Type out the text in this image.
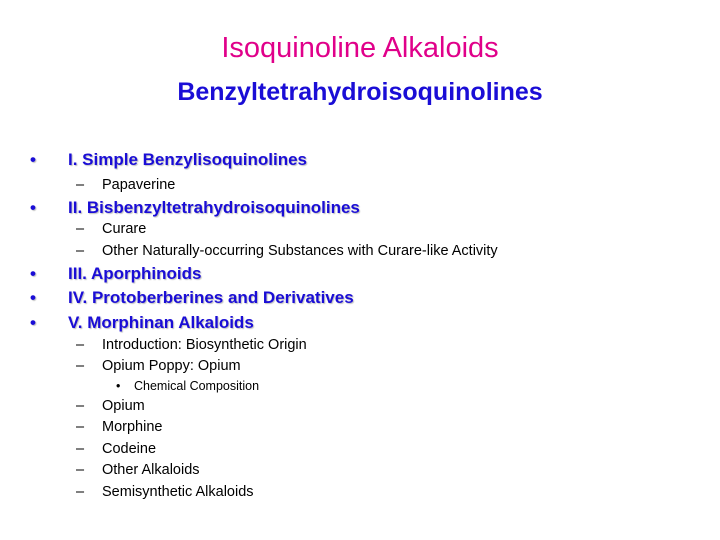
Isoquinoline Alkaloids
Benzyltetrahydroisoquinolines
• I. Simple Benzylisoquinolines
– Papaverine
• II. Bisbenzyltetrahydroisoquinolines
– Curare
– Other Naturally-occurring Substances with Curare-like Activity
• III. Aporphinoids
• IV. Protoberberines and Derivatives
• V. Morphinan Alkaloids
– Introduction: Biosynthetic Origin
– Opium Poppy: Opium
• Chemical Composition
– Opium
– Morphine
– Codeine
– Other Alkaloids
– Semisynthetic Alkaloids
